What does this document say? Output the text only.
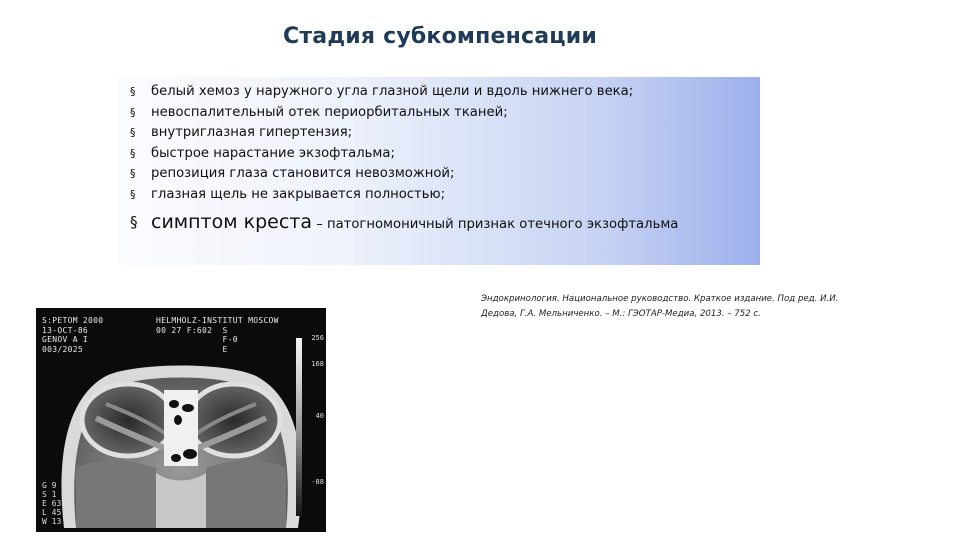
Стадия субкомпенсации
§ белый хемоз у наружного угла глазной щели и вдоль нижнего века;
§ невоспалительный отек периорбитальных тканей;
§ внутриглазная гипертензия;
§ быстрое нарастание экзофтальма;
§ репозиция глаза становится невозможной;
§ глазная щель не закрывается полностью;
§ симптом креста – патогномоничный признак отечного экзофтальма
Эндокринология. Национальное руководство. Краткое издание. Под ред. И.И. Дедова, Г.А. Мельниченко. – М.: ГЭОТАР-Медиа, 2013. – 752 с.
S:PETOM 2000
13-OCT-86
GENOV A I
003/2025
HELMHOLZ-INSTITUT MOSCOW
00 27 F:602  S
F-0
E
256
168
40
-88
G 9
S 1
E 63
L 45
W 13
